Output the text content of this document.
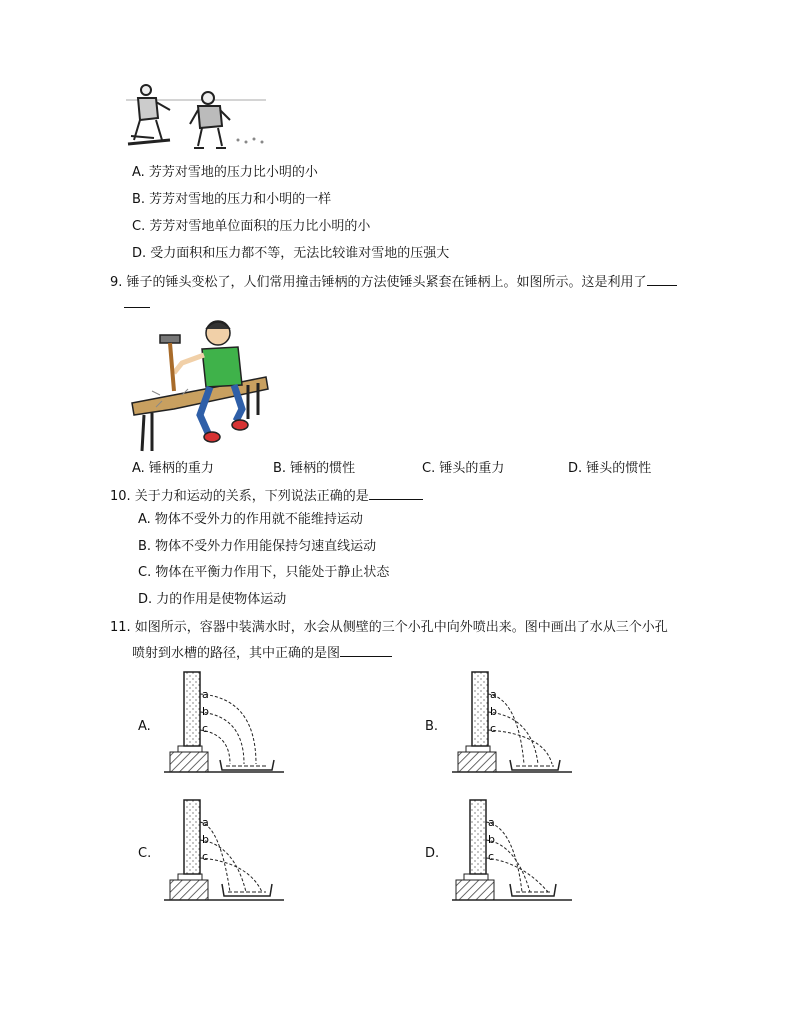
A. 芳芳对雪地的压力比小明的小
B. 芳芳对雪地的压力和小明的一样
C. 芳芳对雪地单位面积的压力比小明的小
D. 受力面积和压力都不等，无法比较谁对雪地的压强大
9. 锤子的锤头变松了，人们常用撞击锤柄的方法使锤头紧套在锤柄上。如图所示。这是利用了
A. 锤柄的重力	B. 锤柄的惯性	C. 锤头的重力	D. 锤头的惯性
10. 关于力和运动的关系，下列说法正确的是
A. 物体不受外力的作用就不能维持运动
B. 物体不受外力作用能保持匀速直线运动
C. 物体在平衡力作用下，只能处于静止状态
D. 力的作用是使物体运动
11. 如图所示，容器中装满水时，水会从侧壁的三个小孔中向外喷出来。图中画出了水从三个小孔
喷射到水槽的路径，其中正确的是图
A.
a
b
c	B.
a
b
c
C.
a
b
c	D.
a
b
c
